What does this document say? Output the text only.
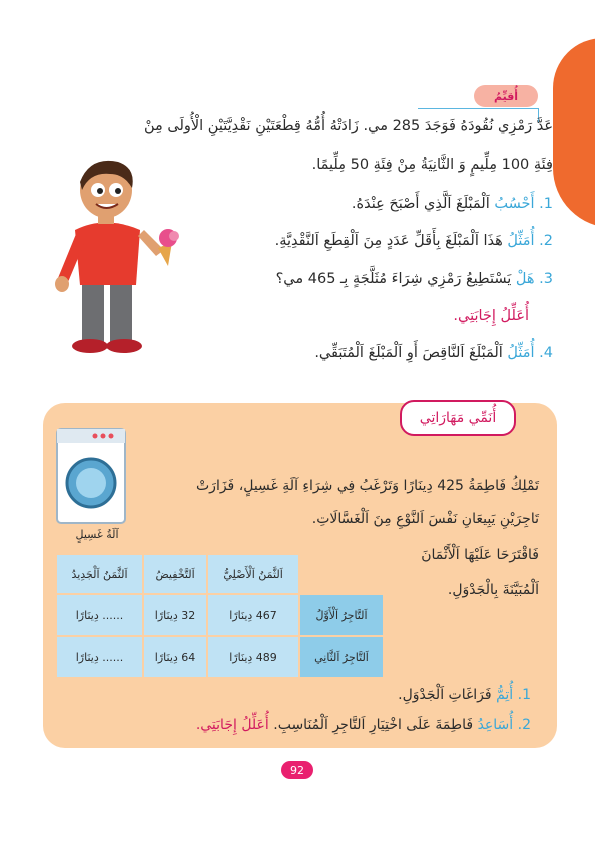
أُقيِّمُ
عَدَّ رَمْزِي نُقُودَهُ فَوَجَدَ 285 مي. زَادَتْهُ أُمُّهُ قِطْعَتَيْنِ نَقْدِيَّتَيْنِ الْأُولَى مِنْ
فِئَةِ 100 مِلِّيمٍ وَ الثَّانِيَةُ مِنْ فِئَةِ 50 مِلِّيمًا.
1. أَحْسُبُ اَلْمَبْلَغَ اَلَّذِي أَصْبَحَ عِنْدَهُ.
2. أُمَثِّلُ هَذَا اَلْمَبْلَغَ بِأَقَلِّ عَدَدٍ مِنَ اَلْقِطَعِ اَلنَّقْدِيَّةِ.
3. هَلْ يَسْتَطِيعُ رَمْزِي شِرَاءَ مُثَلَّجَةٍ بِـ 465 مي؟
أُعَلِّلُ إِجَابَتِي.
4. أُمَثِّلُ اَلْمَبْلَغَ اَلنَّاقِصَ أَوِ اَلْمَبْلَغَ اَلْمُتَبَقِّي.
أُنَمِّي مَهَارَاتِي
آلَةُ غَسِيلٍ
تَمْلِكُ فَاطِمَةُ 425 دِينَارًا وَتَرْغَبُ فِي شِرَاءِ آلَةِ غَسِيلٍ، فَزَارَتْ
تَاجِرَيْنِ يَبِيعَانِ نَفْسَ اَلنَّوْعِ مِنَ اَلْغَسَّالَاتِ.
فَاقْتَرَحَا عَلَيْهَا اَلْأَثْمَانَ
اَلْمُبَيَّنَةَ بِالْجَدْوَلِ.
	اَلثَّمَنُ اَلْأَصْلِيُّ	اَلتَّخْفِيضُ	اَلثَّمَنُ اَلْجَدِيدُ
اَلتَّاجِرُ اَلْأَوَّلُ	467 دِينَارًا	32 دِينَارًا	...... دِينَارًا
اَلتَّاجِرُ اَلثَّانِي	489 دِينَارًا	64 دِينَارًا	...... دِينَارًا
1. أُتِمُّ فَرَاغَاتِ اَلْجَدْوَلِ.
2. أُسَاعِدُ فَاطِمَةَ عَلَى اخْتِيَارِ اَلتَّاجِرِ اَلْمُنَاسِبِ. أُعَلِّلُ إِجَابَتِي.
92
